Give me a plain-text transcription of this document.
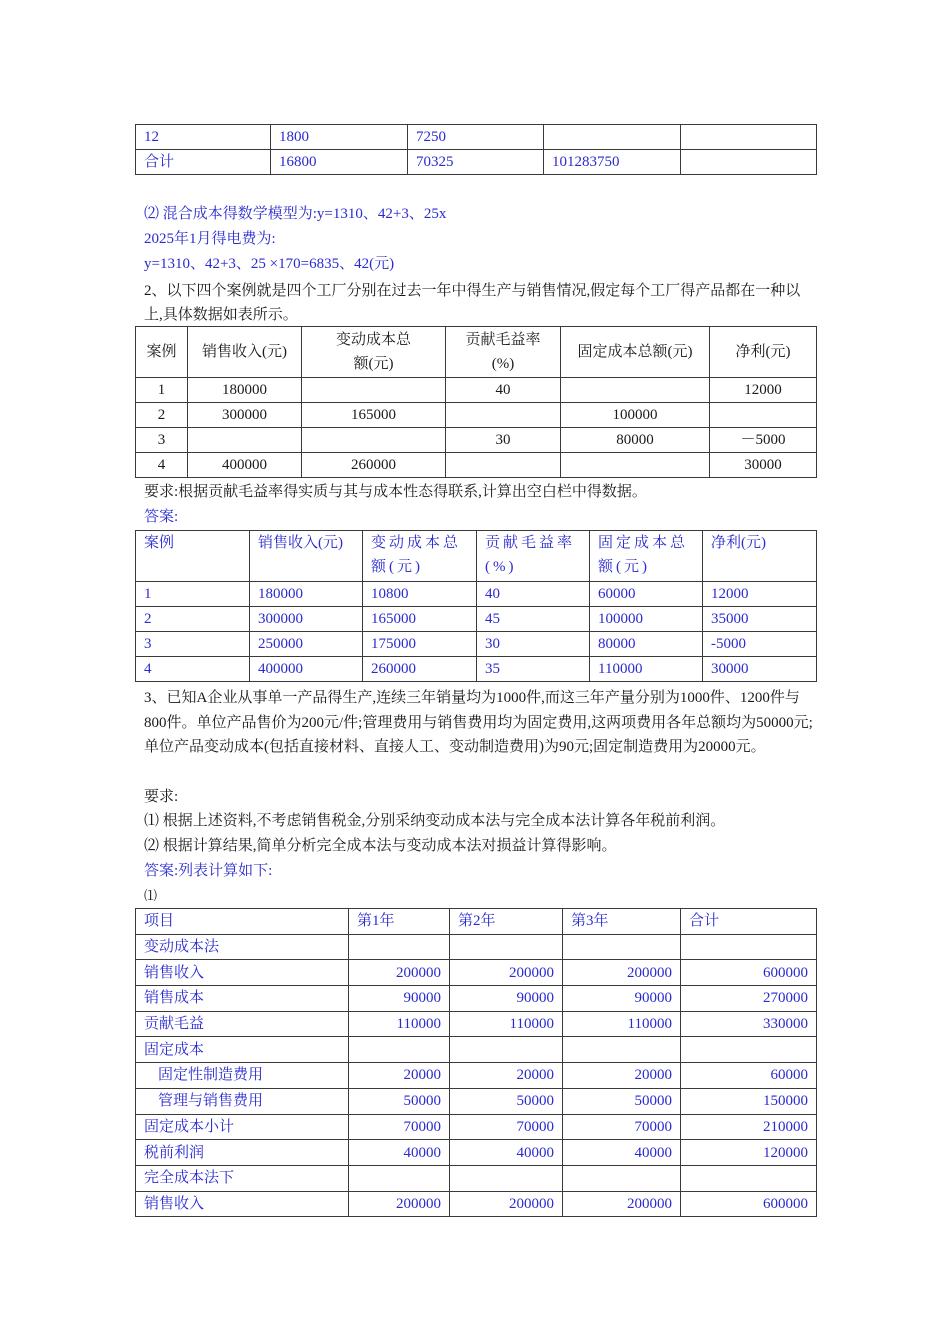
12	1800	7250		
合计	16800	70325	101283750	
⑵ 混合成本得数学模型为:y=1310、42+3、25x
2025年1月得电费为:
y=1310、42+3、25 ×170=6835、42(元)
2、以下四个案例就是四个工厂分别在过去一年中得生产与销售情况,假定每个工厂得产品都在一种以上,具体数据如表所示。
案例	销售收入(元)	变动成本总额(元)	贡献毛益率(%)	固定成本总额(元)	净利(元)
1	180000		40		12000
2	300000	165000		100000	
3			30	80000	－5000
4	400000	260000			30000
要求:根据贡献毛益率得实质与其与成本性态得联系,计算出空白栏中得数据。
答案:
案例	销售收入(元)	变动成本总额(元)	贡献毛益率(%)	固定成本总额(元)	净利(元)
1	180000	10800	40	60000	12000
2	300000	165000	45	100000	35000
3	250000	175000	30	80000	-5000
4	400000	260000	35	110000	30000
3、已知A企业从事单一产品得生产,连续三年销量均为1000件,而这三年产量分别为1000件、1200件与800件。单位产品售价为200元/件;管理费用与销售费用均为固定费用,这两项费用各年总额均为50000元;单位产品变动成本(包括直接材料、直接人工、变动制造费用)为90元;固定制造费用为20000元。
要求:
⑴ 根据上述资料,不考虑销售税金,分别采纳变动成本法与完全成本法计算各年税前利润。
⑵ 根据计算结果,简单分析完全成本法与变动成本法对损益计算得影响。
答案:列表计算如下:
⑴
项目	第1年	第2年	第3年	合计
变动成本法				
销售收入	200000	200000	200000	600000
销售成本	90000	90000	90000	270000
贡献毛益	110000	110000	110000	330000
固定成本				
固定性制造费用	20000	20000	20000	60000
管理与销售费用	50000	50000	50000	150000
固定成本小计	70000	70000	70000	210000
税前利润	40000	40000	40000	120000
完全成本法下				
销售收入	200000	200000	200000	600000
